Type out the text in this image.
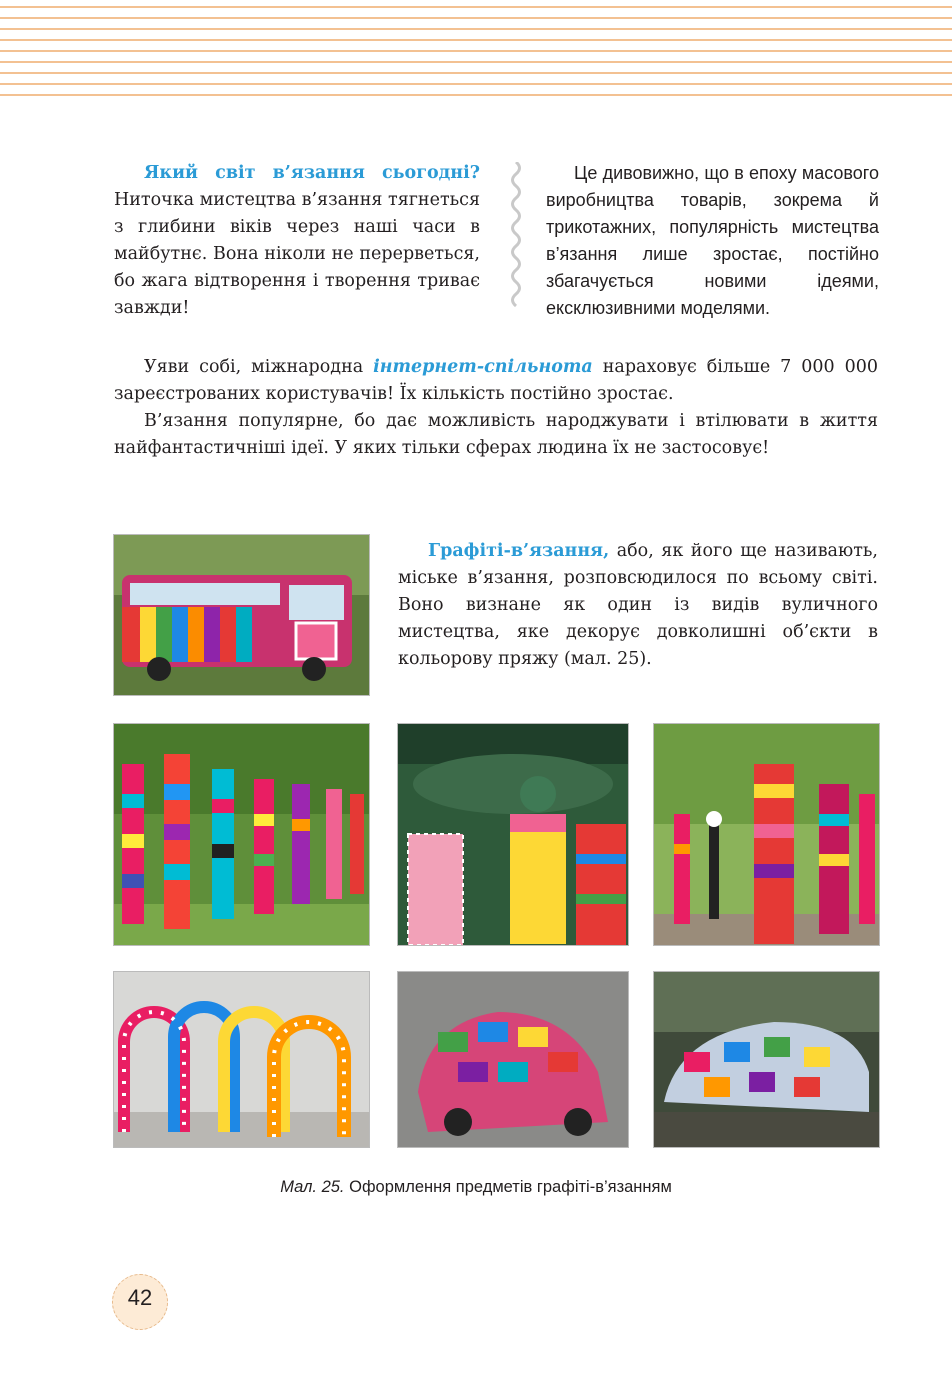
Який світ в’язання сьогодні? Ниточка мистецтва в’язання тягнеться з глибини віків через наші часи в майбутнє. Вона ніколи не перерветься, бо жага відтворення і творення триває завжди!
Це дивовижно, що в епоху масового виробництва товарів, зокрема й трикотажних, популярність мистецтва в’язання лише зростає, постійно збагачується новими ідеями, ексклюзивними моделями.

Уяви собі, міжнародна інтернет-спільнота нараховує більше 7 000 000 зареєстрованих користувачів! Їх кількість постійно зростає.

В’язання популярне, бо дає можливість народжувати і втілювати в життя найфантастичніші ідеї. У яких тільки сферах людина їх не застосовує!

Графіті-в’язання, або, як його ще називають, міське в’язання, розповсюдилося по всьому світі. Воно визнане як один із видів вуличного мистецтва, яке декорує довколишні об’єкти в кольорову пряжу (мал. 25).
Мал. 25. Оформлення предметів графіті-в’язанням
42
